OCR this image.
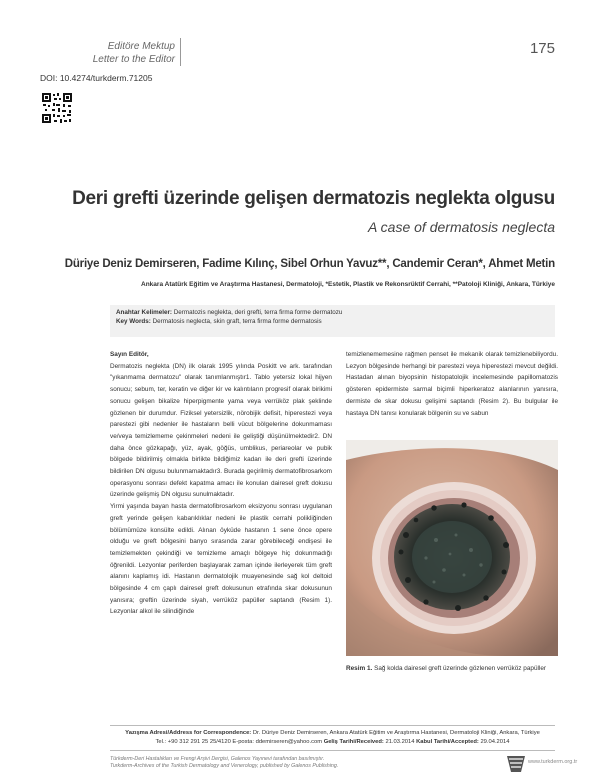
Editöre Mektup
Letter to the Editor
175
DOI: 10.4274/turkderm.71205
Deri grefti üzerinde gelişen dermatozis neglekta olgusu
A case of dermatosis neglecta
Düriye Deniz Demirseren, Fadime Kılınç, Sibel Orhun Yavuz**, Candemir Ceran*, Ahmet Metin
Ankara Atatürk Eğitim ve Araştırma Hastanesi, Dermatoloji, *Estetik, Plastik ve Rekonsrüktif Cerrahi, **Patoloji Kliniği, Ankara, Türkiye
Anahtar Kelimeler: Dermatozis neglekta, deri grefti, terra firma forme dermatozu
Key Words: Dermatosis neglecta, skin graft, terra firma forme dermatosis

Sayın Editör,

Dermatozis neglekta (DN) ilk olarak 1995 yılında Poskitt ve ark. tarafından "yıkanmama dermatozu" olarak tanımlanmıştır1. Tablo yetersiz lokal hijyen sonucu; sebum, ter, keratin ve diğer kir ve kalıntıların progresif olarak birikimi sonucu gelişen bikalize hiperpigmente yama veya verrüköz plak şeklinde gözlenen bir durumdur. Fiziksel yetersizlik, nörobijik defisit, hiperestezi veya parestezi gibi nedenler ile hastaların belli vücut bölgelerine dokunmaması ve/veya temizlememe çekinmeleri nedeni ile geliştiği düşünülmektedir2. DN daha önce gözkapağı, yüz, ayak, göğüs, umblikus, periareolar ve pubik bölgede bildirilmiş olmakla birlikte bildiğimiz kadarı ile deri grefti üzerinde bildirilen DN olgusu bulunmamaktadır3. Burada geçirilmiş dermatofibrosarkom operasyonu sonrası defekt kapatma amacı ile konulan dairesel greft dokusu üzerinde gelişmiş DN olgusu sunulmaktadır.

Yirmi yaşında bayan hasta dermatofibrosarkom eksizyonu sonrası uygulanan greft yerinde gelişen kabarıklıklar nedeni ile plastik cerrahi polikliğinden bölümümüze konsülte edildi. Alınan öyküde hastanın 1 sene önce opere olduğu ve greft bölgesini banyo sırasında zarar görebileceği endişesi ile temizlemekten çekindiği ve temizleme amaçlı bölgeye hiç dokunmadığı öğrenildi. Lezyonlar periferden başlayarak zaman içinde ilerleyerek tüm greft alanını kaplamış idi. Hastanın dermatolojik muayenesinde sağ kol deltoid bölgesinde 4 cm çaplı dairesel greft dokusunun etrafında skar dokusunun yanısıra; greftin üzerinde siyah, verrüköz papüller saptandı (Resim 1). Lezyonlar alkol ile silindiğinde

temizlenememesine rağmen penset ile mekanik olarak temizlenebiliyordu. Lezyon bölgesinde herhangi bir parestezi veya hiperestezi mevcut değildi. Hastadan alınan biyopsinin histopatolojik incelemesinde papillomatozis gösteren epidermiste sarmal biçimli hiperkeratoz alanlarının yanısıra, dermiste de skar dokusu gelişimi saptandı (Resim 2). Bu bulgular ile hastaya DN tanısı konularak bölgenin su ve sabun

Resim 1. Sağ kolda dairesel greft üzerinde gözlenen verrüköz papüller
Yazışma Adresi/Address for Correspondence: Dr. Düriye Deniz Demirseren, Ankara Atatürk Eğitim ve Araştırma Hastanesi, Dermatoloji Kliniği, Ankara, Türkiye
Tel.: +90 312 291 25 25/4120 E-posta: ddemirseren@yahoo.com Geliş Tarihi/Received: 21.03.2014 Kabul Tarihi/Accepted: 29.04.2014
Türkderm-Deri Hastalıkları ve Frengi Arşivi Dergisi, Galenos Yayınevi tarafından basılmıştır.
Turkderm-Archives of the Turkish Dermatology and Venerology, published by Galenos Publishing.
www.turkderm.org.tr
